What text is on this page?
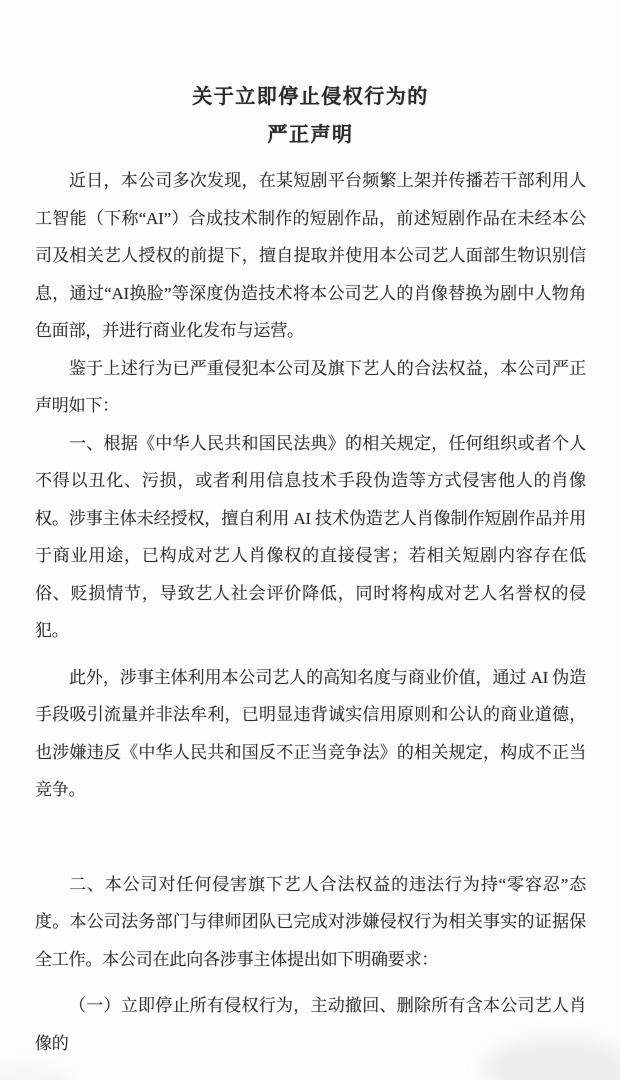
关于立即停止侵权行为的
严正声明

近日，本公司多次发现，在某短剧平台频繁上架并传播若干部利用人工智能（下称“AI”）合成技术制作的短剧作品，前述短剧作品在未经本公司及相关艺人授权的前提下，擅自提取并使用本公司艺人面部生物识别信息，通过“AI换脸”等深度伪造技术将本公司艺人的肖像替换为剧中人物角色面部，并进行商业化发布与运营。

鉴于上述行为已严重侵犯本公司及旗下艺人的合法权益，本公司严正声明如下：

一、根据《中华人民共和国民法典》的相关规定，任何组织或者个人不得以丑化、污损，或者利用信息技术手段伪造等方式侵害他人的肖像权。涉事主体未经授权，擅自利用 AI 技术伪造艺人肖像制作短剧作品并用于商业用途，已构成对艺人肖像权的直接侵害；若相关短剧内容存在低俗、贬损情节，导致艺人社会评价降低，同时将构成对艺人名誉权的侵犯。

此外，涉事主体利用本公司艺人的高知名度与商业价值，通过 AI 伪造手段吸引流量并非法牟利，已明显违背诚实信用原则和公认的商业道德，也涉嫌违反《中华人民共和国反不正当竞争法》的相关规定，构成不正当竞争。

二、本公司对任何侵害旗下艺人合法权益的违法行为持“零容忍”态度。本公司法务部门与律师团队已完成对涉嫌侵权行为相关事实的证据保全工作。本公司在此向各涉事主体提出如下明确要求：

（一）立即停止所有侵权行为，主动撤回、删除所有含本公司艺人肖像的
